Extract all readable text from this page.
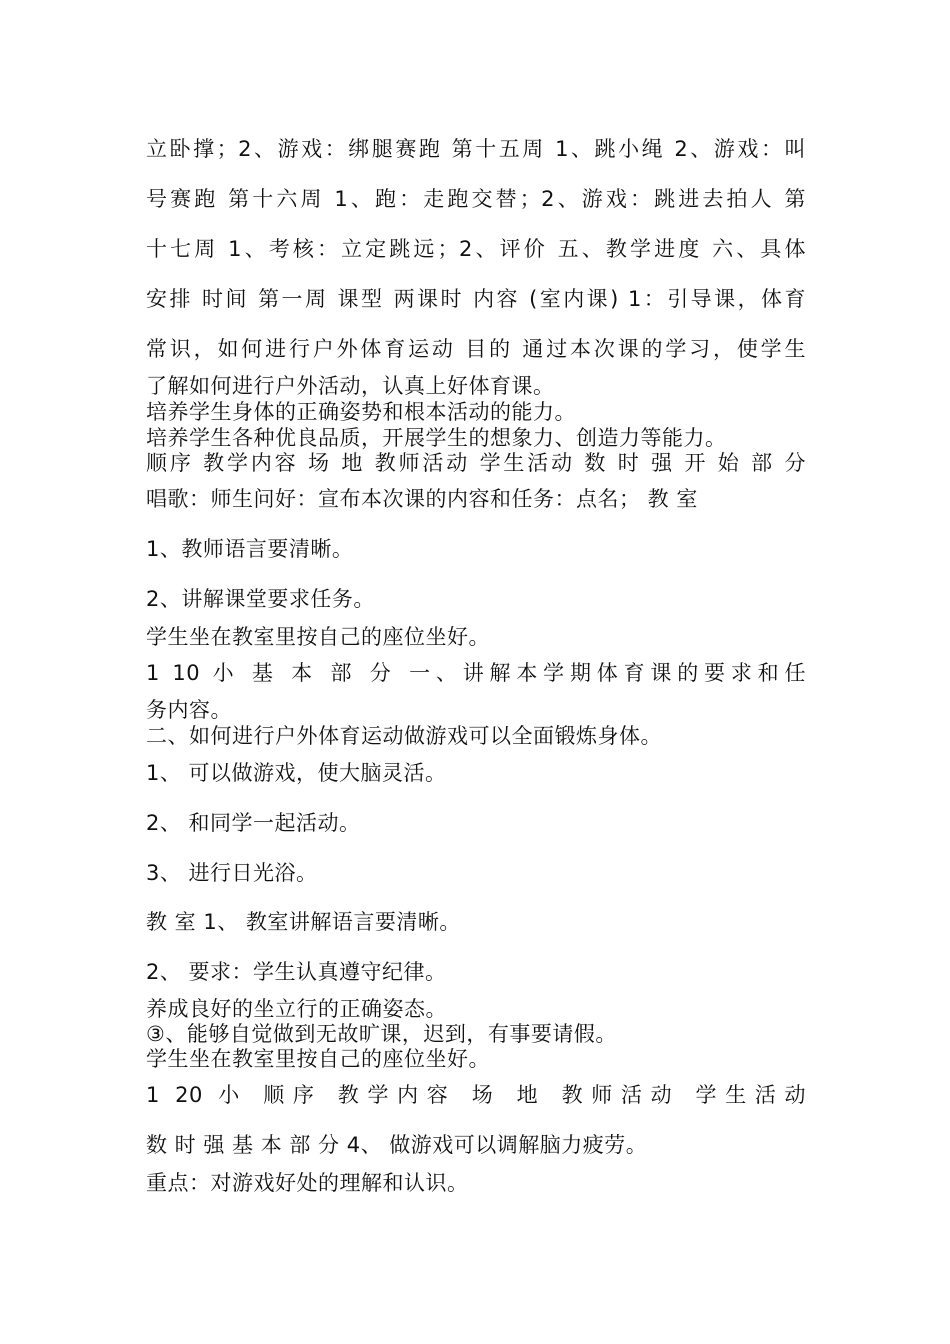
立卧撑；2、游戏：绑腿赛跑 第十五周 1、跳小绳 2、游戏：叫
号赛跑 第十六周 1、跑：走跑交替；2、游戏：跳进去拍人 第
十七周 1、考核：立定跳远；2、评价 五、教学进度 六、具体
安排 时间 第一周 课型 两课时 内容 (室内课) 1：引导课，体育
常识，如何进行户外体育运动 目的 通过本次课的学习，使学生
了解如何进行户外活动，认真上好体育课。
培养学生身体的正确姿势和根本活动的能力。
培养学生各种优良品质，开展学生的想象力、创造力等能力。
顺序 教学内容 场 地 教师活动 学生活动 数 时 强 开 始 部 分
唱歌：师生问好：宣布本次课的内容和任务：点名； 教 室
1、教师语言要清晰。
2、讲解课堂要求任务。
学生坐在教室里按自己的座位坐好。
1 10 小 基 本 部 分 一、讲解本学期体育课的要求和任
务内容。
二、如何进行户外体育运动做游戏可以全面锻炼身体。
1、 可以做游戏，使大脑灵活。
2、 和同学一起活动。
3、 进行日光浴。
教 室 1、 教室讲解语言要清晰。
2、 要求：学生认真遵守纪律。
养成良好的坐立行的正确姿态。
③、能够自觉做到无故旷课，迟到，有事要请假。
学生坐在教室里按自己的座位坐好。
1 20 小 顺序 教学内容 场 地 教师活动 学生活动
数 时 强 基 本 部 分 4、 做游戏可以调解脑力疲劳。
重点：对游戏好处的理解和认识。
